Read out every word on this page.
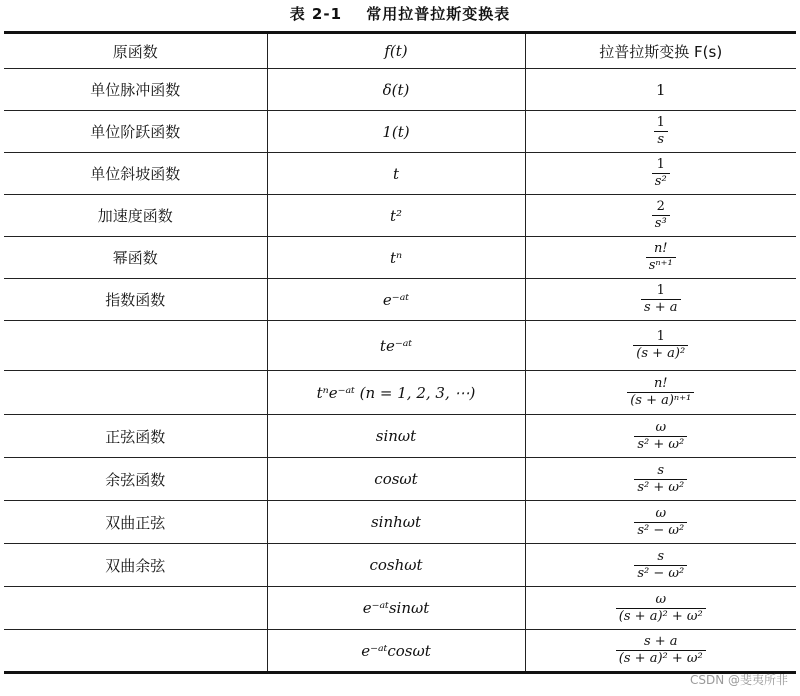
表 2-1 常用拉普拉斯变换表
原函数	f(t)	拉普拉斯变换 F(s)

单位脉冲函数	δ(t)	1

单位阶跃函数	1(t)	$\frac{1}{s}$

单位斜坡函数	t	$\frac{1}{\text{s²}}$

加速度函数	t²	$\frac{2}{\text{s³}}$

幂函数	tⁿ	$\frac{n!}{\text{sⁿ⁺¹}}$

指数函数	e⁻ᵃᵗ	$\frac{1}{s + a}$

	te⁻ᵃᵗ	$\frac{1}{\text{(s + a)²}}$

	tⁿe⁻ᵃᵗ (n = 1, 2, 3, ⋯)	$\frac{n!}{\text{(s + a)ⁿ⁺¹}}$

正弦函数	sinωt	$\frac{\omega}{\text{s² + ω²}}$

余弦函数	cosωt	$\frac{s}{\text{s² + ω²}}$

双曲正弦	sinhωt	$\frac{\omega}{\text{s² − ω²}}$

双曲余弦	coshωt	$\frac{s}{\text{s² − ω²}}$

	e⁻ᵃᵗsinωt	$\frac{\omega}{\text{(s + a)² + ω²}}$

	e⁻ᵃᵗcosωt	$\frac{s + a}{\text{(s + a)² + ω²}}$
CSDN @斐夷所非
